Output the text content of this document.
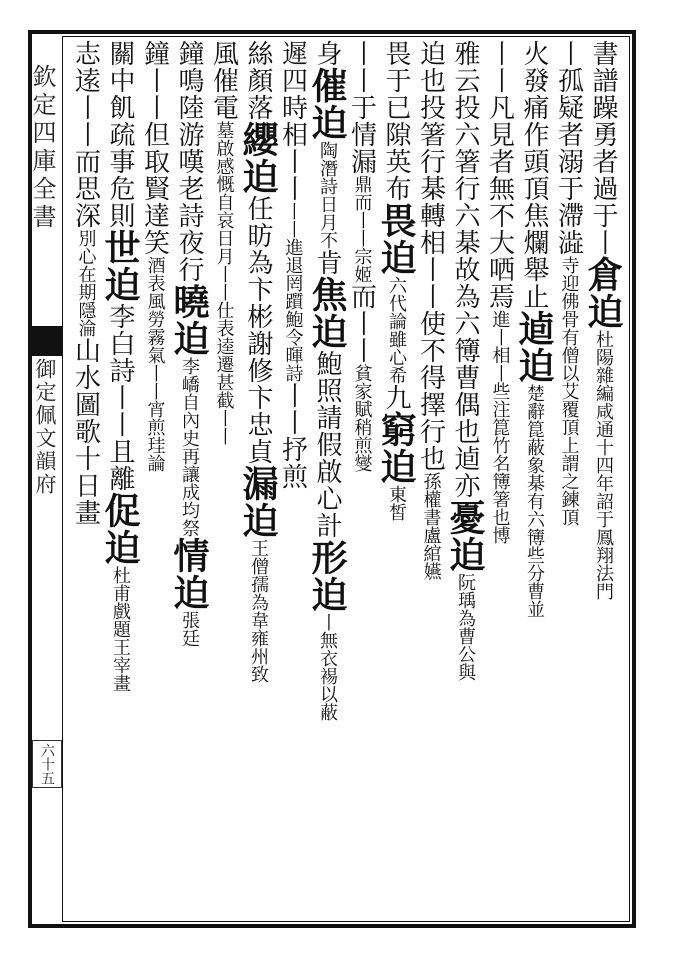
欽定四庫全書
御定佩文韻府
六十五
書譜躁勇者過于丨倉迫杜陽雜編咸通十四年詔于鳳翔法門
丨孤疑者溺于滯澁寺迎佛骨有僧以艾覆頂上謂之鍊頂
火發痛作頭頂焦爛舉止逌迫楚辭箟蔽象棊有六簙些分曹並
丨丨凡見者無不大哂焉進丨相丨些注箟竹名簙箸也博
雅云投六箸行六棊故為六簙曹偶也逌亦憂迫阮瑀為曹公與
迫也投箸行棊轉相丨丨使不得擇行也孫權書盧綰嬿
畏于已隙英布畏迫六代論雖心希九窮迫東皙
丨丨于情漏鼎而丨丨宗姬而丨丨貧家賦稍煎燮
身催迫陶潛詩日月不肯焦迫鮑照請假啟心計形迫丨無衣裼以蔽
遲四時相丨丨丨丨進退罔躓鮑令暉詩丨丨抒煎
絲顏落纓迫任昉為卞彬謝修卞忠貞漏迫王僧孺為韋雍州致
風催電墓啟感慨自哀日月丨丨仕表逵遷甚截丨丨
鐘鳴陸游嘆老詩夜行曉迫李嶠自內史再讓成均祭情迫張廷
鐘丨丨但取賢達笑酒表風勞霧氣丨丨宵煎珪論
關中飢疏事危則世迫李白詩丨丨且離促迫杜甫戲題王宰畫
志逺丨丨而思深別心在期隱淪山水圖歌十日畫
